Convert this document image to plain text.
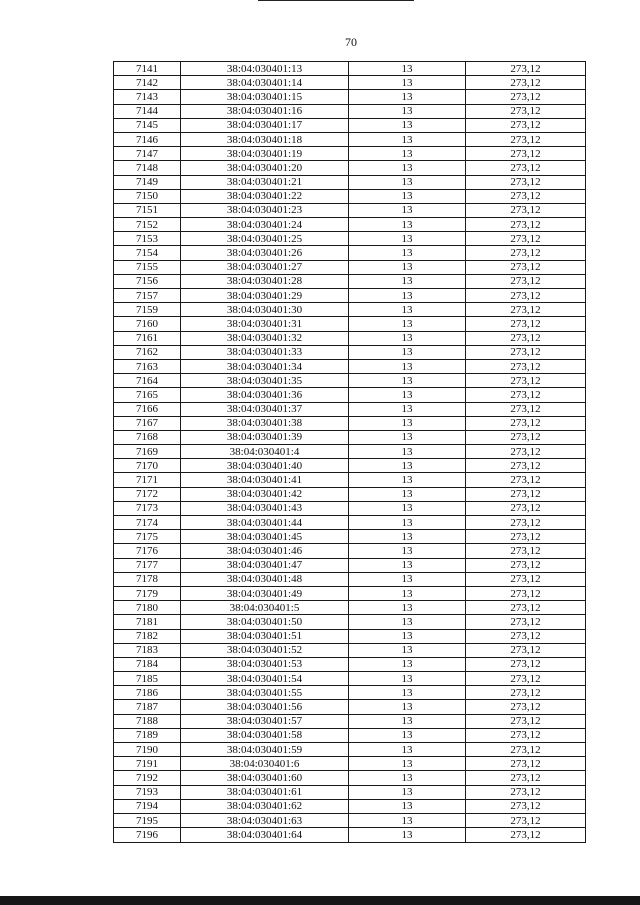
70
7141	38:04:030401:13	13	273,12
7142	38:04:030401:14	13	273,12
7143	38:04:030401:15	13	273,12
7144	38:04:030401:16	13	273,12
7145	38:04:030401:17	13	273,12
7146	38:04:030401:18	13	273,12
7147	38:04:030401:19	13	273,12
7148	38:04:030401:20	13	273,12
7149	38:04:030401:21	13	273,12
7150	38:04:030401:22	13	273,12
7151	38:04:030401:23	13	273,12
7152	38:04:030401:24	13	273,12
7153	38:04:030401:25	13	273,12
7154	38:04:030401:26	13	273,12
7155	38:04:030401:27	13	273,12
7156	38:04:030401:28	13	273,12
7157	38:04:030401:29	13	273,12
7159	38:04:030401:30	13	273,12
7160	38:04:030401:31	13	273,12
7161	38:04:030401:32	13	273,12
7162	38:04:030401:33	13	273,12
7163	38:04:030401:34	13	273,12
7164	38:04:030401:35	13	273,12
7165	38:04:030401:36	13	273,12
7166	38:04:030401:37	13	273,12
7167	38:04:030401:38	13	273,12
7168	38:04:030401:39	13	273,12
7169	38:04:030401:4	13	273,12
7170	38:04:030401:40	13	273,12
7171	38:04:030401:41	13	273,12
7172	38:04:030401:42	13	273,12
7173	38:04:030401:43	13	273,12
7174	38:04:030401:44	13	273,12
7175	38:04:030401:45	13	273,12
7176	38:04:030401:46	13	273,12
7177	38:04:030401:47	13	273,12
7178	38:04:030401:48	13	273,12
7179	38:04:030401:49	13	273,12
7180	38:04:030401:5	13	273,12
7181	38:04:030401:50	13	273,12
7182	38:04:030401:51	13	273,12
7183	38:04:030401:52	13	273,12
7184	38:04:030401:53	13	273,12
7185	38:04:030401:54	13	273,12
7186	38:04:030401:55	13	273,12
7187	38:04:030401:56	13	273,12
7188	38:04:030401:57	13	273,12
7189	38:04:030401:58	13	273,12
7190	38:04:030401:59	13	273,12
7191	38:04:030401:6	13	273,12
7192	38:04:030401:60	13	273,12
7193	38:04:030401:61	13	273,12
7194	38:04:030401:62	13	273,12
7195	38:04:030401:63	13	273,12
7196	38:04:030401:64	13	273,12
